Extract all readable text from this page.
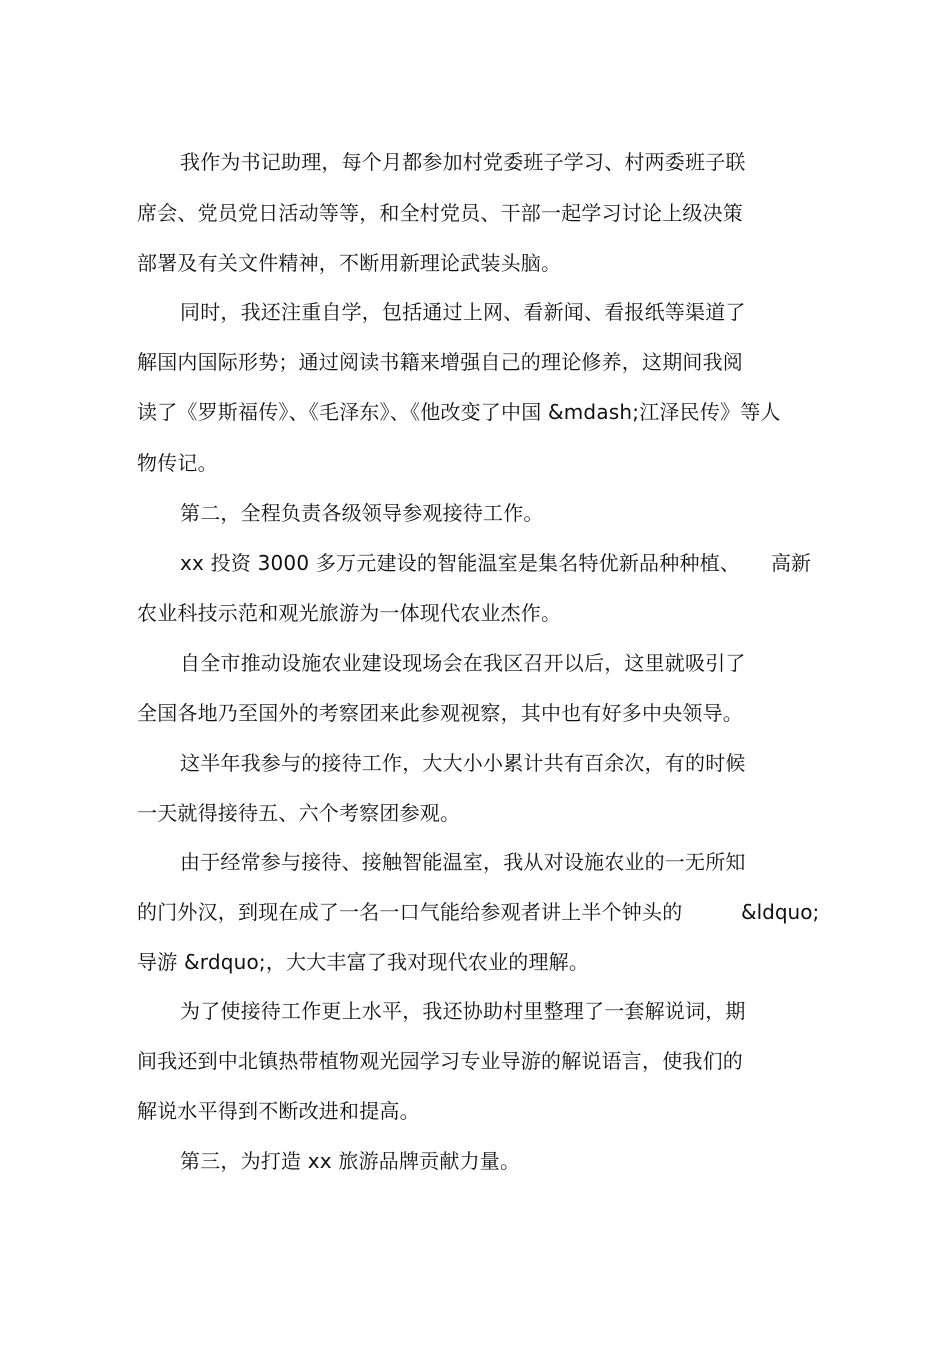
我作为书记助理，每个月都参加村党委班子学习、村两委班子联
席会、党员党日活动等等，和全村党员、干部一起学习讨论上级决策
部署及有关文件精神，不断用新理论武装头脑。
同时，我还注重自学，包括通过上网、看新闻、看报纸等渠道了
解国内国际形势；通过阅读书籍来增强自己的理论修养，这期间我阅
读了《罗斯福传》、《毛泽东》、《他改变了中国 &mdash;江泽民传》等人
物传记。
第二，全程负责各级领导参观接待工作。
xx 投资 3000 多万元建设的智能温室是集名特优新品种种植、 高新
农业科技示范和观光旅游为一体现代农业杰作。
自全市推动设施农业建设现场会在我区召开以后，这里就吸引了
全国各地乃至国外的考察团来此参观视察，其中也有好多中央领导。
这半年我参与的接待工作，大大小小累计共有百余次，有的时候
一天就得接待五、六个考察团参观。
由于经常参与接待、接触智能温室，我从对设施农业的一无所知
的门外汉，到现在成了一名一口气能给参观者讲上半个钟头的	&ldquo;
导游 &rdquo;，大大丰富了我对现代农业的理解。
为了使接待工作更上水平，我还协助村里整理了一套解说词，期
间我还到中北镇热带植物观光园学习专业导游的解说语言，使我们的
解说水平得到不断改进和提高。
第三，为打造 xx 旅游品牌贡献力量。
